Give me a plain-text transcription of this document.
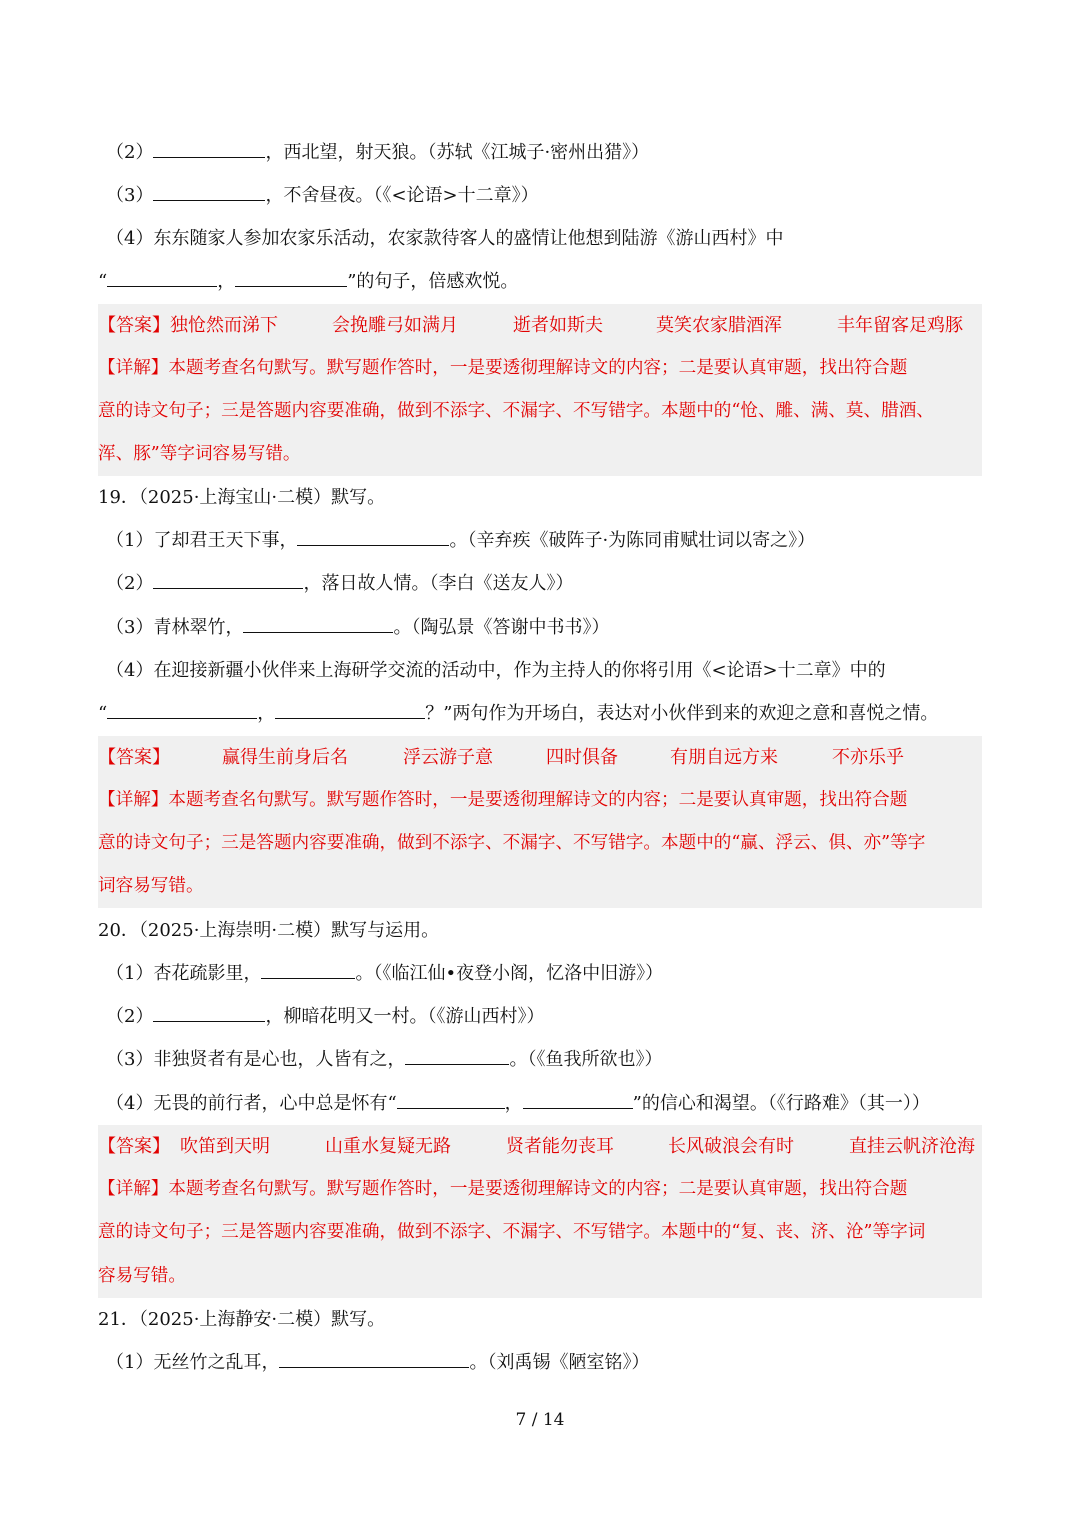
（2）	，西北望，射天狼。（苏轼《江城子·密州出猎》）
（3）	，不舍昼夜。（《<论语>十二章》）
（4）东东随家人参加农家乐活动，农家款待客人的盛情让他想到陆游《游山西村》中
“	，	”的句子，倍感欢悦。
【答案】独怆然而涕下	会挽雕弓如满月	逝者如斯夫	莫笑农家腊酒浑	丰年留客足鸡豚
【详解】本题考查名句默写。默写题作答时，一是要透彻理解诗文的内容；二是要认真审题，找出符合题
意的诗文句子；三是答题内容要准确，做到不添字、不漏字、不写错字。本题中的“怆、雕、满、莫、腊酒、
浑、豚”等字词容易写错。
19．（2025·上海宝山·二模）默写。
（1）了却君王天下事，	。（辛弃疾《破阵子·为陈同甫赋壮词以寄之》）
（2）	，落日故人情。（李白《送友人》）
（3）青林翠竹，	。（陶弘景《答谢中书书》）
（4）在迎接新疆小伙伴来上海研学交流的活动中，作为主持人的你将引用《<论语>十二章》中的
“	，	？”两句作为开场白，表达对小伙伴到来的欢迎之意和喜悦之情。
【答案】	赢得生前身后名	浮云游子意	四时俱备	有朋自远方来	不亦乐乎
【详解】本题考查名句默写。默写题作答时，一是要透彻理解诗文的内容；二是要认真审题，找出符合题
意的诗文句子；三是答题内容要准确，做到不添字、不漏字、不写错字。本题中的“赢、浮云、俱、亦”等字
词容易写错。
20．（2025·上海崇明·二模）默写与运用。
（1）杏花疏影里，	。（《临江仙•夜登小阁，忆洛中旧游》）
（2）	，柳暗花明又一村。（《游山西村》）
（3）非独贤者有是心也，人皆有之，	。（《鱼我所欲也》）
（4）无畏的前行者，心中总是怀有“	，	”的信心和渴望。（《行路难》（其一））
【答案】 吹笛到天明	山重水复疑无路	贤者能勿丧耳	长风破浪会有时	直挂云帆济沧海
【详解】本题考查名句默写。默写题作答时，一是要透彻理解诗文的内容；二是要认真审题，找出符合题
意的诗文句子；三是答题内容要准确，做到不添字、不漏字、不写错字。本题中的“复、丧、济、沧”等字词
容易写错。
21．（2025·上海静安·二模）默写。
（1）无丝竹之乱耳，	。（刘禹锡《陋室铭》）
7 / 14
